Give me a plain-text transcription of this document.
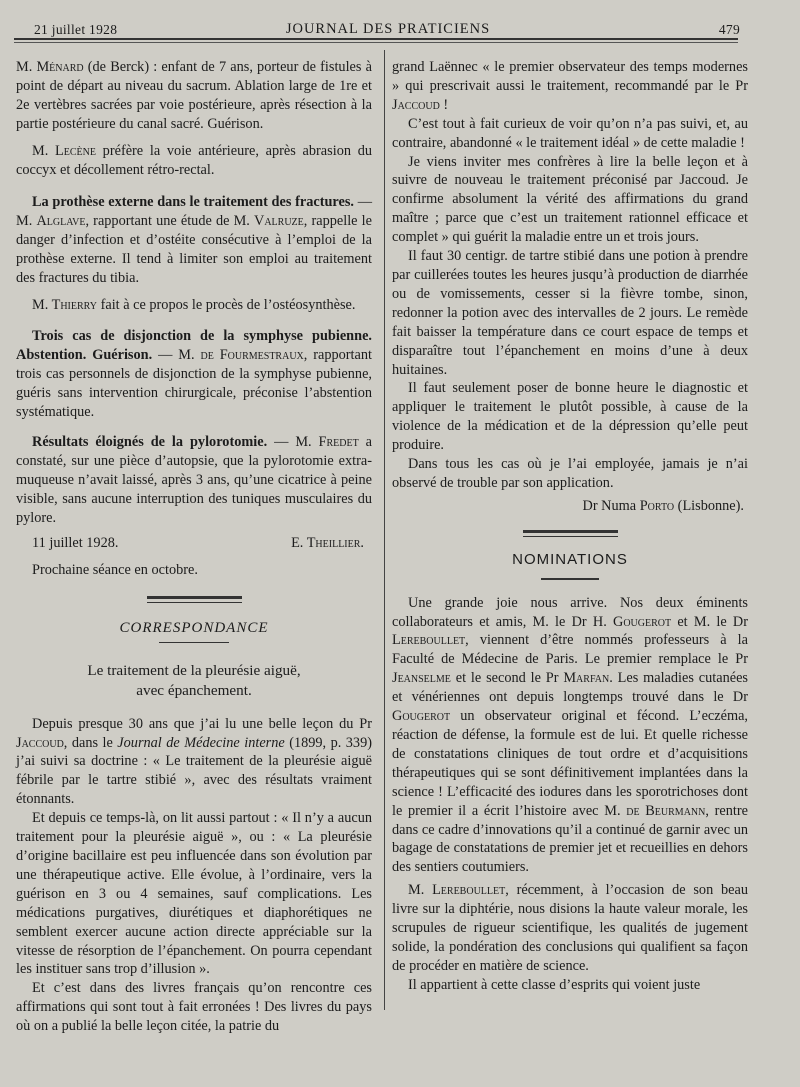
21 juillet 1928	JOURNAL DES PRATICIENS	479

M. Ménard (de Berck) : enfant de 7 ans, porteur de fistules à point de départ au niveau du sacrum. Ablation large de 1re et 2e vertèbres sacrées par voie postérieure, après résection à la partie postérieure du canal sacré. Guérison.

M. Lecène préfère la voie antérieure, après abrasion du coccyx et décollement rétro-rectal.

La prothèse externe dans le traitement des fractures. — M. Alglave, rapportant une étude de M. Valruze, rappelle le danger d’infection et d’ostéite consécutive à l’emploi de la prothèse externe. Il tend à limiter son emploi au traitement des fractures du tibia.

M. Thierry fait à ce propos le procès de l’ostéosynthèse.

Trois cas de disjonction de la symphyse pubienne. Abstention. Guérison. — M. de Fourmestraux, rapportant trois cas personnels de disjonction de la symphyse pubienne, guéris sans intervention chirurgicale, préconise l’abstention systématique.

Résultats éloignés de la pylorotomie. — M. Fredet a constaté, sur une pièce d’autopsie, que la pylorotomie extra-muqueuse n’avait laissé, après 3 ans, qu’une cicatrice à peine visible, sans aucune interruption des tuniques musculaires du pylore.

11 juillet 1928.	E. Theillier.

Prochaine séance en octobre.

CORRESPONDANCE

Le traitement de la pleurésie aiguë,
avec épanchement.

Depuis presque 30 ans que j’ai lu une belle leçon du Pr Jaccoud, dans le Journal de Médecine interne (1899, p. 339) j’ai suivi sa doctrine : « Le traitement de la pleurésie aiguë fébrile par le tartre stibié », avec des résultats vraiment étonnants.

Et depuis ce temps-là, on lit aussi partout : « Il n’y a aucun traitement pour la pleurésie aiguë », ou : « La pleurésie d’origine bacillaire est peu influencée dans son évolution par une thérapeutique active. Elle évolue, à l’ordinaire, vers la guérison en 3 ou 4 semaines, sauf complications. Les médications purgatives, diurétiques et diaphorétiques ne semblent exercer aucune action directe appréciable sur la vitesse de résorption de l’épanchement. On pourra cependant les instituer sans trop d’illusion ».

Et c’est dans des livres français qu’on rencontre ces affirmations qui sont tout à fait erronées ! Des livres du pays où on a publié la belle leçon citée, la patrie du

grand Laënnec « le premier observateur des temps modernes » qui prescrivait aussi le traitement, recommandé par le Pr Jaccoud !

C’est tout à fait curieux de voir qu’on n’a pas suivi, et, au contraire, abandonné « le traitement idéal » de cette maladie !

Je viens inviter mes confrères à lire la belle leçon et à suivre de nouveau le traitement préconisé par Jaccoud. Je confirme absolument la vérité des affirmations du grand maître ; parce que c’est un traitement rationnel efficace et complet » qui guérit la maladie entre un et trois jours.

Il faut 30 centigr. de tartre stibié dans une potion à prendre par cuillerées toutes les heures jusqu’à production de diarrhée ou de vomissements, cesser si la fièvre tombe, sinon, redonner la potion avec des intervalles de 2 jours. Le remède fait baisser la température dans ce court espace de temps et disparaître tout l’épanchement en moins d’une à deux huitaines.

Il faut seulement poser de bonne heure le diagnostic et appliquer le traitement le plutôt possible, à cause de la violence de la médication et de la dépression qu’elle peut produire.

Dans tous les cas où je l’ai employée, jamais je n’ai observé de trouble par son application.

Dr Numa Porto (Lisbonne).

NOMINATIONS

Une grande joie nous arrive. Nos deux éminents collaborateurs et amis, M. le Dr H. Gougerot et M. le Dr Lereboullet, viennent d’être nommés professeurs à la Faculté de Médecine de Paris. Le premier remplace le Pr Jeanselme et le second le Pr Marfan. Les maladies cutanées et vénériennes ont depuis longtemps trouvé dans le Dr Gougerot un observateur original et fécond. L’eczéma, réaction de défense, la formule est de lui. Et quelle richesse de constatations cliniques de tout ordre et d’acquisitions thérapeutiques qui se sont définitivement implantées dans la science ! L’efficacité des iodures dans les sporotrichoses dont le premier il a écrit l’histoire avec M. de Beurmann, rentre dans ce cadre d’innovations qu’il a continué de garnir avec un bagage de constatations de premier jet et recueillies en dehors des sentiers coutumiers.

M. Lereboullet, récemment, à l’occasion de son beau livre sur la diphtérie, nous disions la haute valeur morale, les scrupules de rigueur scientifique, les qualités de jugement solide, la pondération des conclusions qui qualifient sa façon de procéder en matière de science.

Il appartient à cette classe d’esprits qui voient juste
